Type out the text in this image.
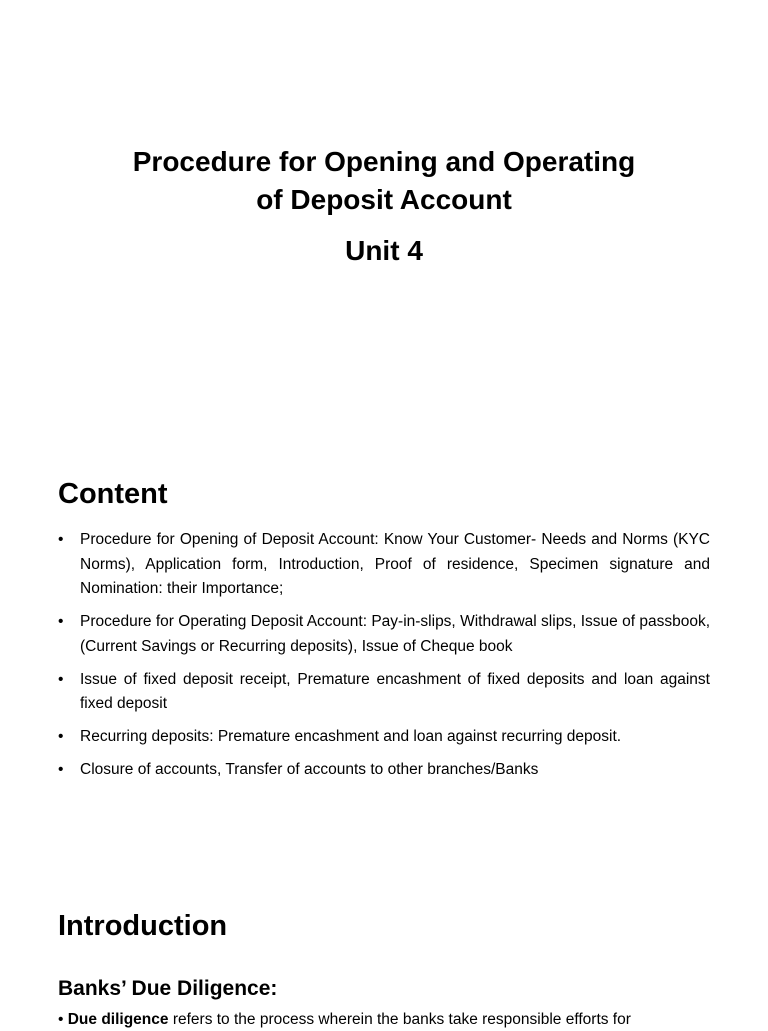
Procedure for Opening and Operating
of Deposit Account
Unit 4
Content
• Procedure for Opening of Deposit Account: Know Your Customer- Needs and Norms (KYC Norms), Application form, Introduction, Proof of residence, Specimen signature and Nomination: their Importance;
• Procedure for Operating Deposit Account: Pay-in-slips, Withdrawal slips, Issue of passbook, (Current Savings or Recurring deposits), Issue of Cheque book
• Issue of fixed deposit receipt, Premature encashment of fixed deposits and loan against fixed deposit
• Recurring deposits: Premature encashment and loan against recurring deposit.
• Closure of accounts, Transfer of accounts to other branches/Banks
Introduction
Banks’ Due Diligence:
• Due diligence refers to the process wherein the banks take responsible efforts for
